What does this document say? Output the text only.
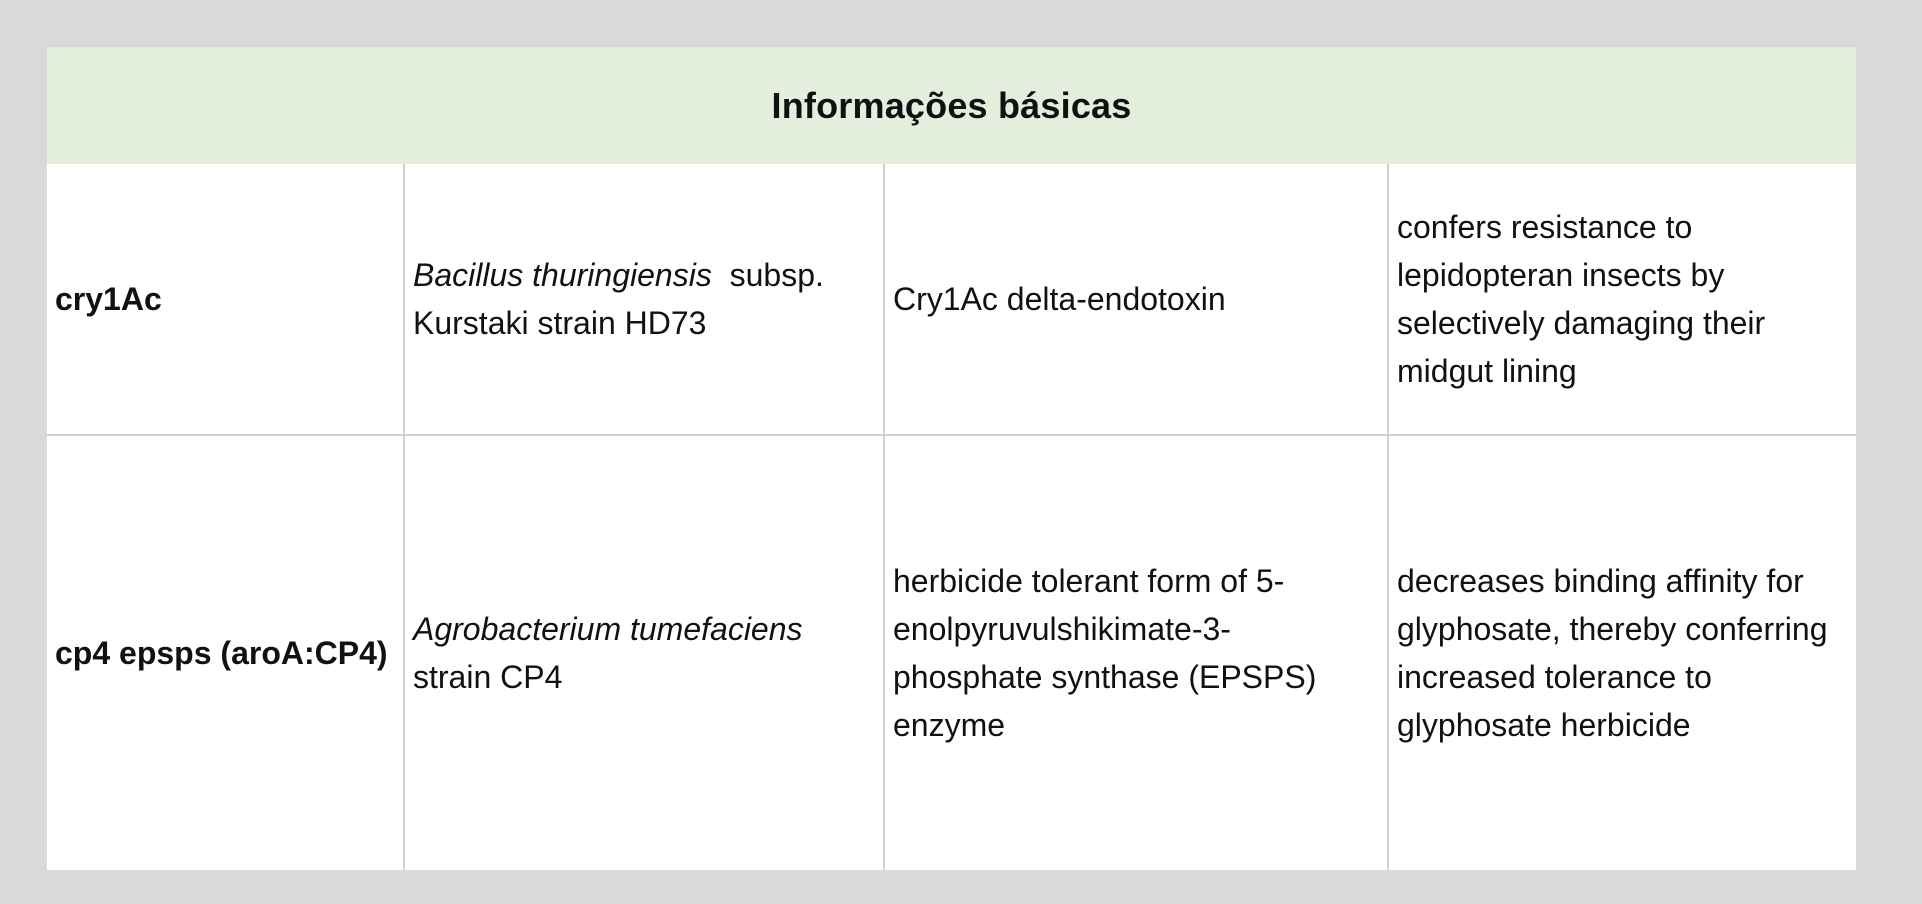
Informações básicas
cry1Ac
Bacillus thuringiensis  subsp. Kurstaki strain HD73
Cry1Ac delta-endotoxin
confers resistance to lepidopteran insects by selectively damaging their midgut lining
cp4 epsps (aroA:CP4)
Agrobacterium tumefaciens strain CP4
herbicide tolerant form of 5-enolpyruvulshikimate-3-phosphate synthase (EPSPS) enzyme
decreases binding affinity for glyphosate, thereby conferring increased tolerance to glyphosate herbicide
